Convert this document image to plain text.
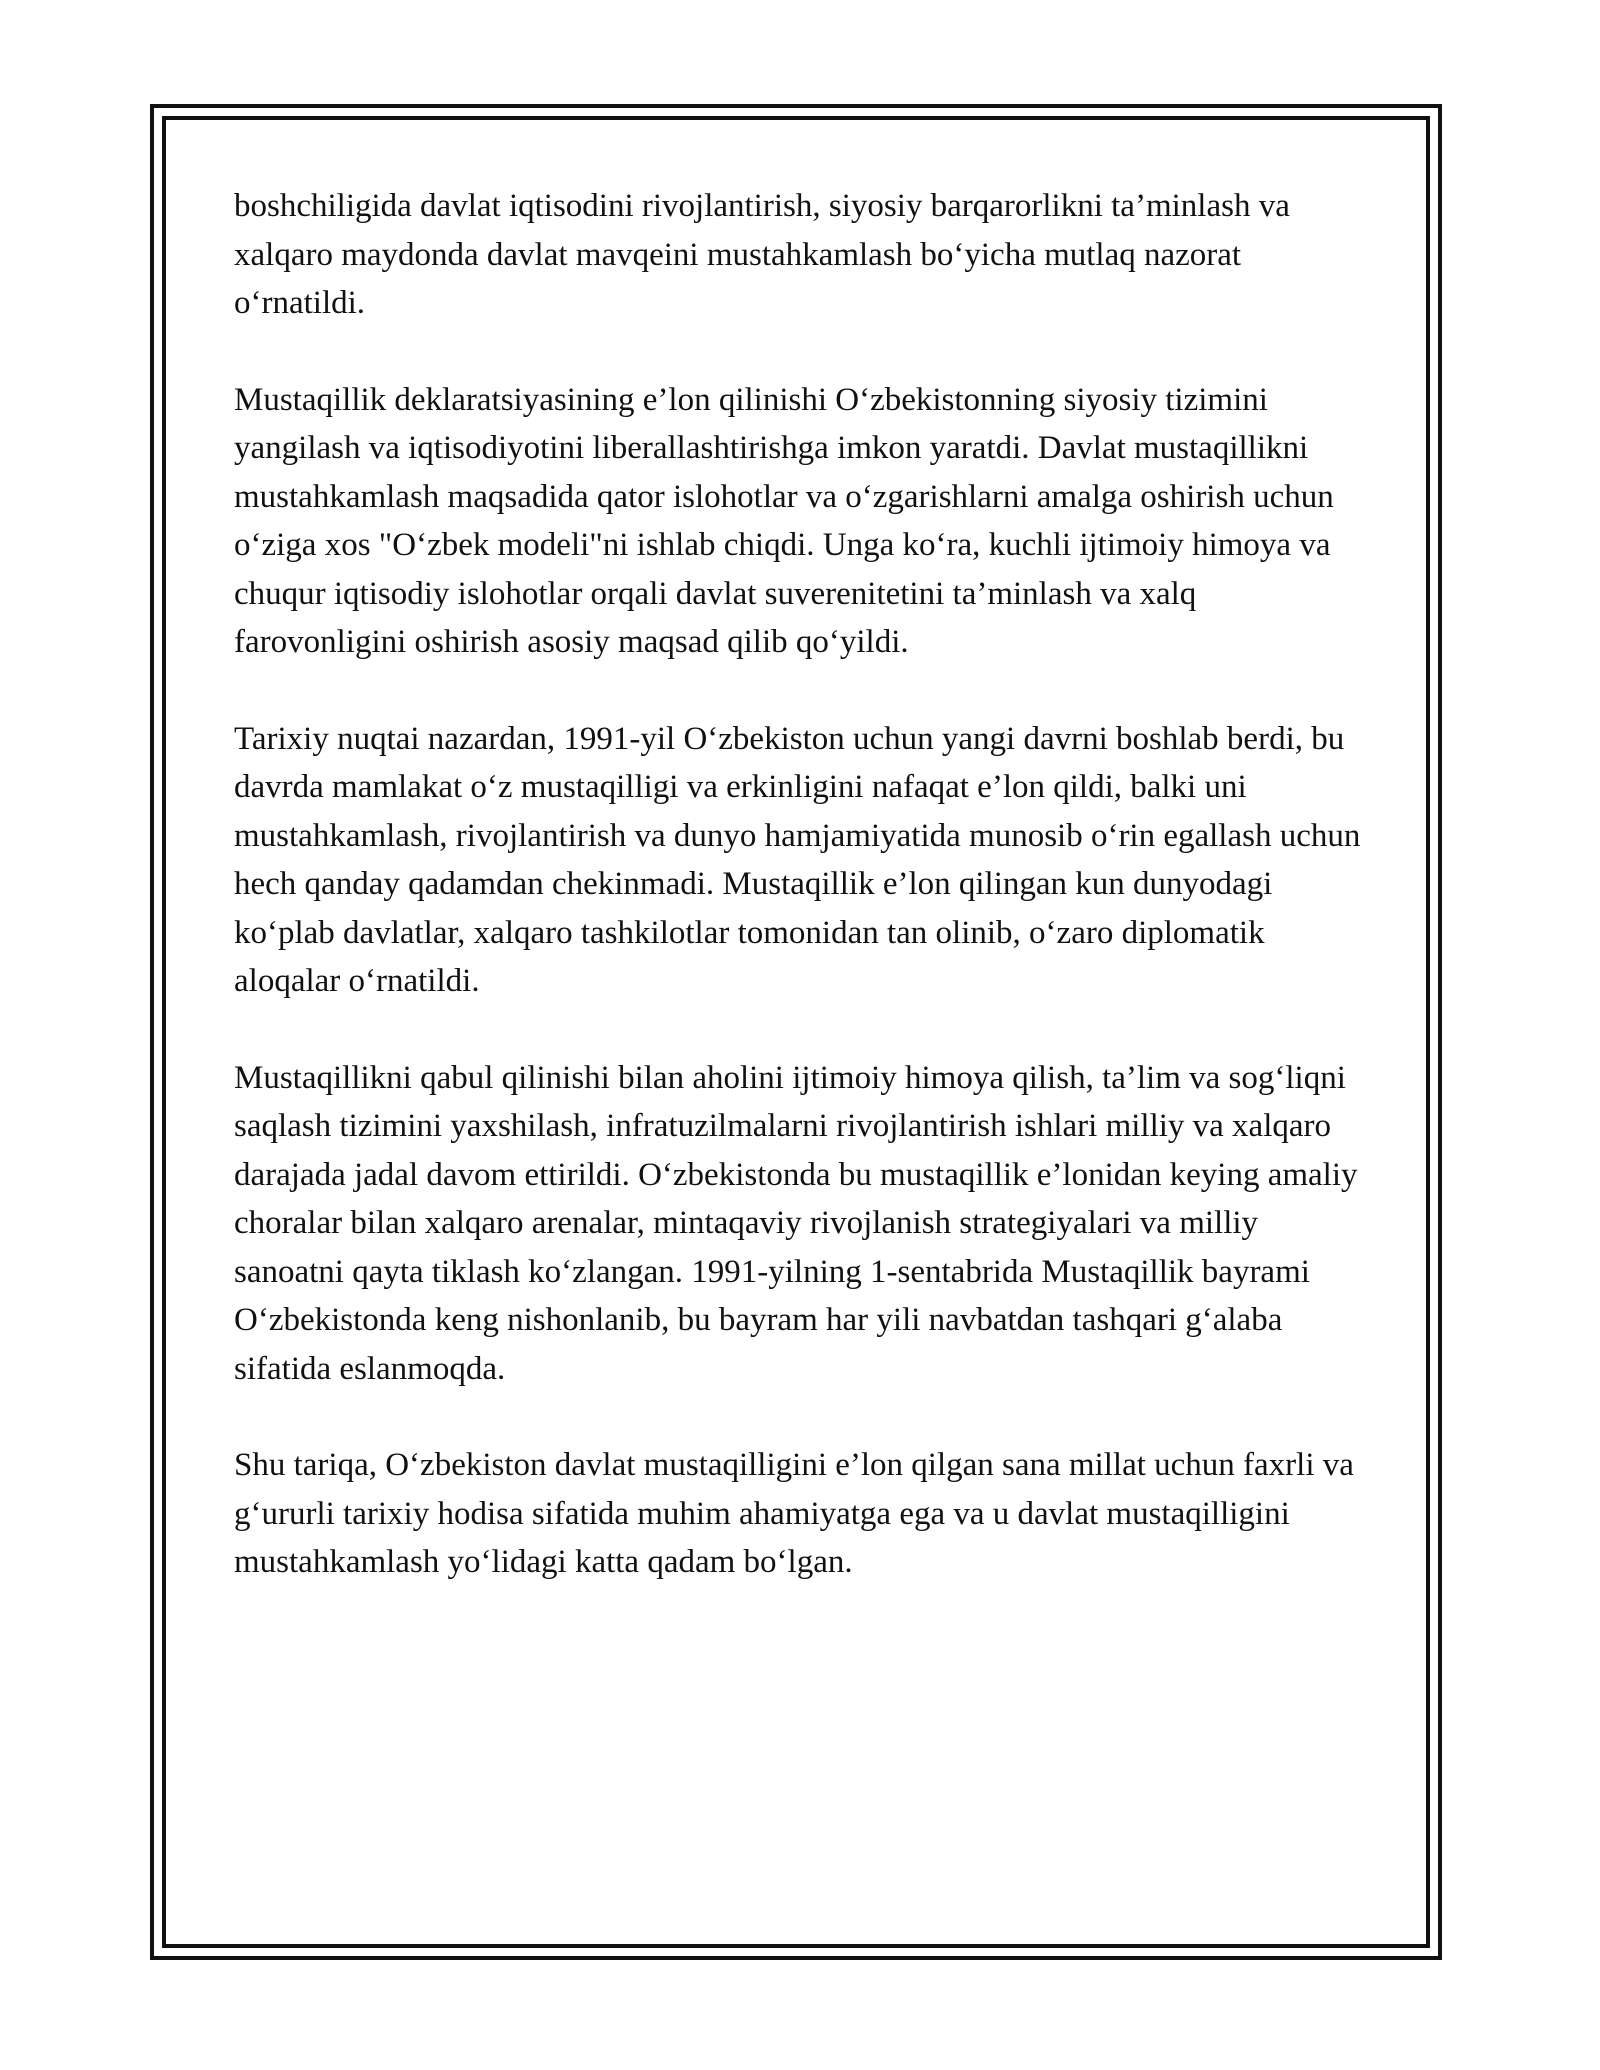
boshchiligida davlat iqtisodini rivojlantirish, siyosiy barqarorlikni ta’minlash va xalqaro maydonda davlat mavqeini mustahkamlash bo‘yicha mutlaq nazorat o‘rnatildi.

Mustaqillik deklaratsiyasining e’lon qilinishi O‘zbekistonning siyosiy tizimini yangilash va iqtisodiyotini liberallashtirishga imkon yaratdi. Davlat mustaqillikni mustahkamlash maqsadida qator islohotlar va o‘zgarishlarni amalga oshirish uchun o‘ziga xos "O‘zbek modeli"ni ishlab chiqdi. Unga ko‘ra, kuchli ijtimoiy himoya va chuqur iqtisodiy islohotlar orqali davlat suverenitetini ta’minlash va xalq farovonligini oshirish asosiy maqsad qilib qo‘yildi.

Tarixiy nuqtai nazardan, 1991-yil O‘zbekiston uchun yangi davrni boshlab berdi, bu davrda mamlakat o‘z mustaqilligi va erkinligini nafaqat e’lon qildi, balki uni mustahkamlash, rivojlantirish va dunyo hamjamiyatida munosib o‘rin egallash uchun hech qanday qadamdan chekinmadi. Mustaqillik e’lon qilingan kun dunyodagi ko‘plab davlatlar, xalqaro tashkilotlar tomonidan tan olinib, o‘zaro diplomatik aloqalar o‘rnatildi.

Mustaqillikni qabul qilinishi bilan aholini ijtimoiy himoya qilish, ta’lim va sog‘liqni saqlash tizimini yaxshilash, infratuzilmalarni rivojlantirish ishlari milliy va xalqaro darajada jadal davom ettirildi. O‘zbekistonda bu mustaqillik e’lonidan keying amaliy choralar bilan xalqaro arenalar, mintaqaviy rivojlanish strategiyalari va milliy sanoatni qayta tiklash ko‘zlangan. 1991-yilning 1-sentabrida Mustaqillik bayrami O‘zbekistonda keng nishonlanib, bu bayram har yili navbatdan tashqari g‘alaba sifatida eslanmoqda.

Shu tariqa, O‘zbekiston davlat mustaqilligini e’lon qilgan sana millat uchun faxrli va g‘ururli tarixiy hodisa sifatida muhim ahamiyatga ega va u davlat mustaqilligini mustahkamlash yo‘lidagi katta qadam bo‘lgan.
